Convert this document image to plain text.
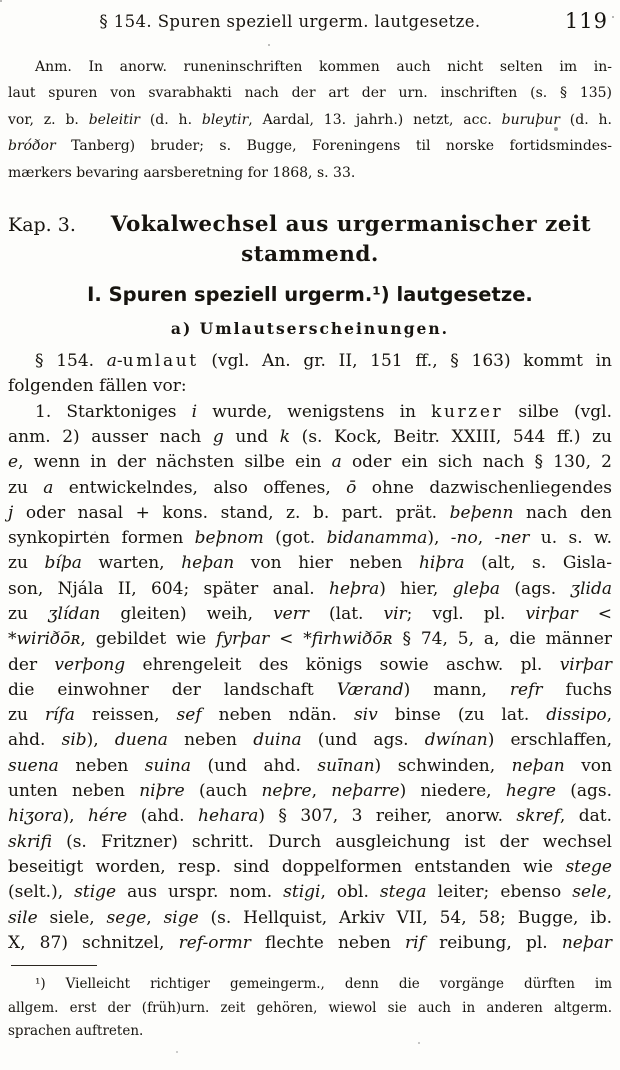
§ 154. Spuren speziell urgerm. lautgesetze.	119
Anm. In anorw. runeninschriften kommen auch nicht selten im in-
laut spuren von svarabhakti nach der art der urn. inschriften (s. § 135)
vor, z. b. beleitir (d. h. bleytir, Aardal, 13. jahrh.) netzt, acc. buruþur (d. h.
bróðor Tanberg) bruder; s. Bugge, Foreningens til norske fortidsmindes-
mærkers bevaring aarsberetning for 1868, s. 33.
Kap. 3.	Vokalwechsel aus urgermanischer zeit
stammend.
I. Spuren speziell urgerm.¹) lautgesetze.
a) Umlautserscheinungen.
§ 154. a-umlaut (vgl. An. gr. II, 151 ff., § 163) kommt in
folgenden fällen vor:
1. Starktoniges i wurde, wenigstens in kurzer silbe (vgl.
anm. 2) ausser nach g und k (s. Kock, Beitr. XXIII, 544 ff.) zu
e, wenn in der nächsten silbe ein a oder ein sich nach § 130, 2
zu a entwickelndes, also offenes, ō ohne dazwischenliegendes
j oder nasal + kons. stand, z. b. part. prät. beþenn nach den
synkopirten formen beþnom (got. bidanamma), -no, -ner u. s. w.
zu bíþa warten, heþan von hier neben hiþra (alt, s. Gisla-
son, Njála II, 604; später anal. heþra) hier, gleþa (ags. ʒlida
zu ʒlídan gleiten) weih, verr (lat. vir; vgl. pl. virþar <
*wiriðōʀ, gebildet wie fyrþar < *firhwiðōʀ § 74, 5, a, die männer
der verþong ehrengeleit des königs sowie aschw. pl. virþar
die einwohner der landschaft Værand) mann, refr fuchs
zu rífa reissen, sef neben ndän. siv binse (zu lat. dissipo,
ahd. sib), duena neben duina (und ags. dwínan) erschlaffen,
suena neben suina (und ahd. suīnan) schwinden, neþan von
unten neben niþre (auch neþre, neþarre) niedere, hegre (ags.
hiʒora), hére (ahd. hehara) § 307, 3 reiher, anorw. skref, dat.
skrifi (s. Fritzner) schritt. Durch ausgleichung ist der wechsel
beseitigt worden, resp. sind doppelformen entstanden wie stege
(selt.), stige aus urspr. nom. stigi, obl. stega leiter; ebenso sele,
sile siele, sege, sige (s. Hellquist, Arkiv VII, 54, 58; Bugge, ib.
X, 87) schnitzel, ref-ormr flechte neben rif reibung, pl. neþar
¹) Vielleicht richtiger gemeingerm., denn die vorgänge dürften im
allgem. erst der (früh)urn. zeit gehören, wiewol sie auch in anderen altgerm.
sprachen auftreten.
